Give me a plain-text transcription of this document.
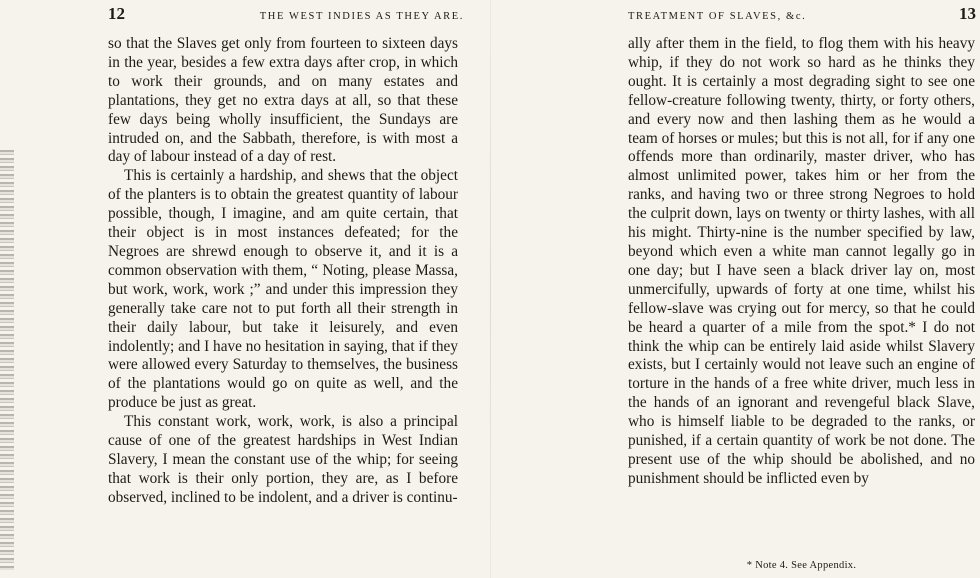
12	THE WEST INDIES AS THEY ARE.	TREATMENT OF SLAVES, &c.	13

so that the Slaves get only from fourteen to sixteen days in the year, besides a few extra days after crop, in which to work their grounds, and on many estates and plantations, they get no extra days at all, so that these few days being wholly insufficient, the Sundays are intruded on, and the Sabbath, therefore, is with most a day of labour instead of a day of rest.

This is certainly a hardship, and shews that the object of the planters is to obtain the greatest quantity of labour possible, though, I imagine, and am quite certain, that their object is in most instances defeated; for the Negroes are shrewd enough to observe it, and it is a common observation with them, “ Noting, please Massa, but work, work, work ;” and under this impression they generally take care not to put forth all their strength in their daily labour, but take it leisurely, and even indolently; and I have no hesitation in saying, that if they were allowed every Saturday to themselves, the business of the plantations would go on quite as well, and the produce be just as great.

This constant work, work, work, is also a principal cause of one of the greatest hardships in West Indian Slavery, I mean the constant use of the whip; for seeing that work is their only portion, they are, as I before observed, inclined to be indolent, and a driver is continu-

ally after them in the field, to flog them with his heavy whip, if they do not work so hard as he thinks they ought. It is certainly a most degrading sight to see one fellow-creature following twenty, thirty, or forty others, and every now and then lashing them as he would a team of horses or mules; but this is not all, for if any one offends more than ordinarily, master driver, who has almost unlimited power, takes him or her from the ranks, and having two or three strong Negroes to hold the culprit down, lays on twenty or thirty lashes, with all his might. Thirty-nine is the number specified by law, beyond which even a white man cannot legally go in one day; but I have seen a black driver lay on, most unmercifully, upwards of forty at one time, whilst his fellow-slave was crying out for mercy, so that he could be heard a quarter of a mile from the spot.* I do not think the whip can be entirely laid aside whilst Slavery exists, but I certainly would not leave such an engine of torture in the hands of a free white driver, much less in the hands of an ignorant and revengeful black Slave, who is himself liable to be degraded to the ranks, or punished, if a certain quantity of work be not done. The present use of the whip should be abolished, and no punishment should be inflicted even by

* Note 4. See Appendix.
